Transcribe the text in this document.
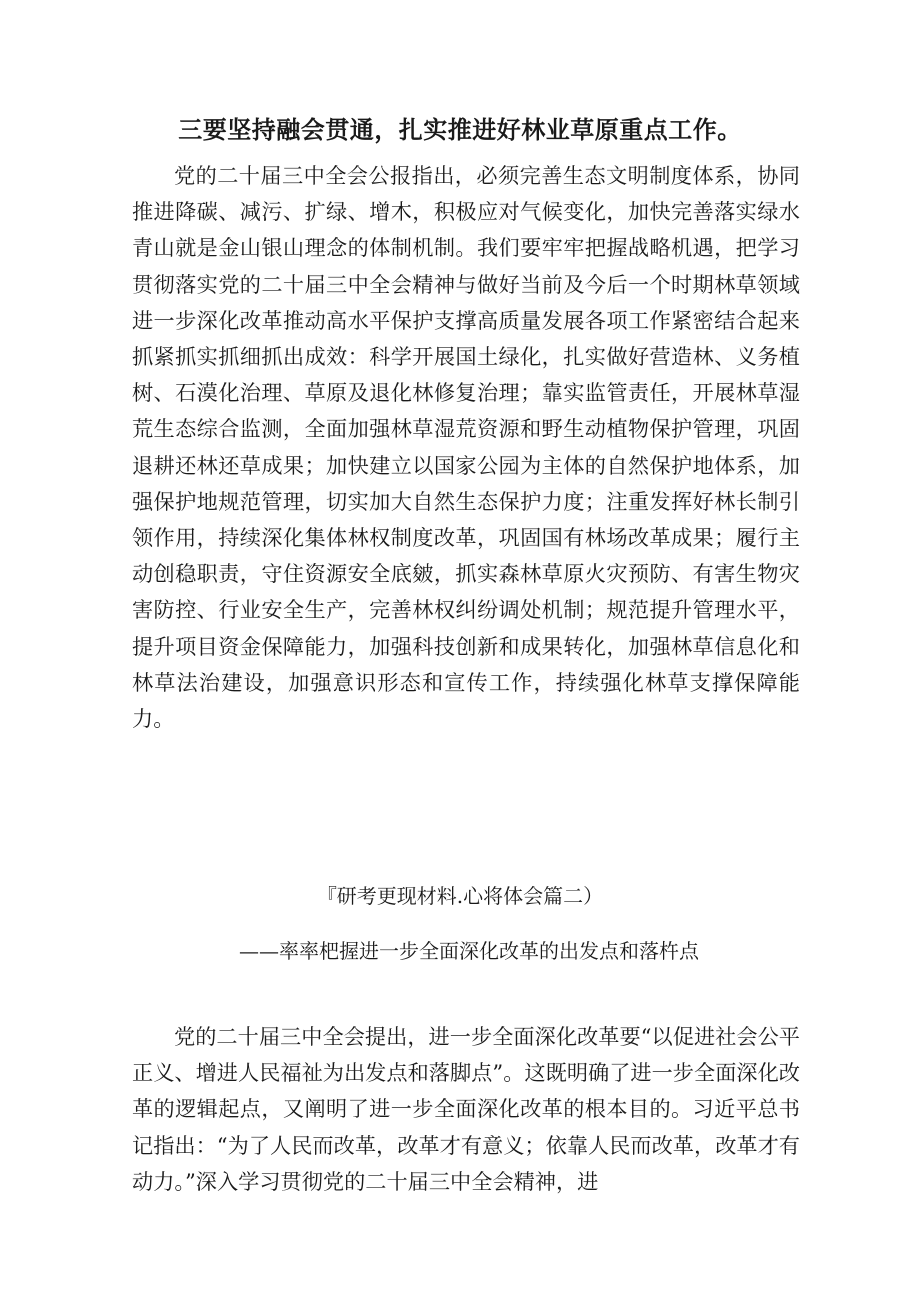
三要坚持融会贯通，扎实推进好林业草原重点工作。

党的二十届三中全会公报指出，必须完善生态文明制度体系，协同推进降碳、减污、扩绿、增木，积极应对气候变化，加快完善落实绿水青山就是金山银山理念的体制机制。我们要牢牢把握战略机遇，把学习贯彻落实党的二十届三中全会精神与做好当前及今后一个时期林草领域进一步深化改革推动高水平保护支撑高质量发展各项工作紧密结合起来抓紧抓实抓细抓出成效：科学开展国土绿化，扎实做好营造林、义务植树、石漠化治理、草原及退化林修复治理；靠实监管责任，开展林草湿荒生态综合监测，全面加强林草湿荒资源和野生动植物保护管理，巩固退耕还林还草成果；加快建立以国家公园为主体的自然保护地体系，加强保护地规范管理，切实加大自然生态保护力度；注重发挥好林长制引领作用，持续深化集体林权制度改革，巩固国有林场改革成果；履行主动创稳职责，守住资源安全底皴，抓实森林草原火灾预防、有害生物灾害防控、行业安全生产，完善林权纠纷调处机制；规范提升管理水平，提升项目资金保障能力，加强科技创新和成果转化，加强林草信息化和林草法治建设，加强意识形态和宣传工作，持续强化林草支撑保障能力。

『研考更现材料.心将体会篇二）
——率率杷握进一步全面深化改革的出发点和落杵点

党的二十届三中全会提出，进一步全面深化改革要“以促进社会公平正义、增进人民福祉为出发点和落脚点”。这既明确了进一步全面深化改革的逻辑起点，又阐明了进一步全面深化改革的根本目的。习近平总书记指出：“为了人民而改革，改革才有意义；依靠人民而改革，改革才有动力。”深入学习贯彻党的二十届三中全会精神，进
